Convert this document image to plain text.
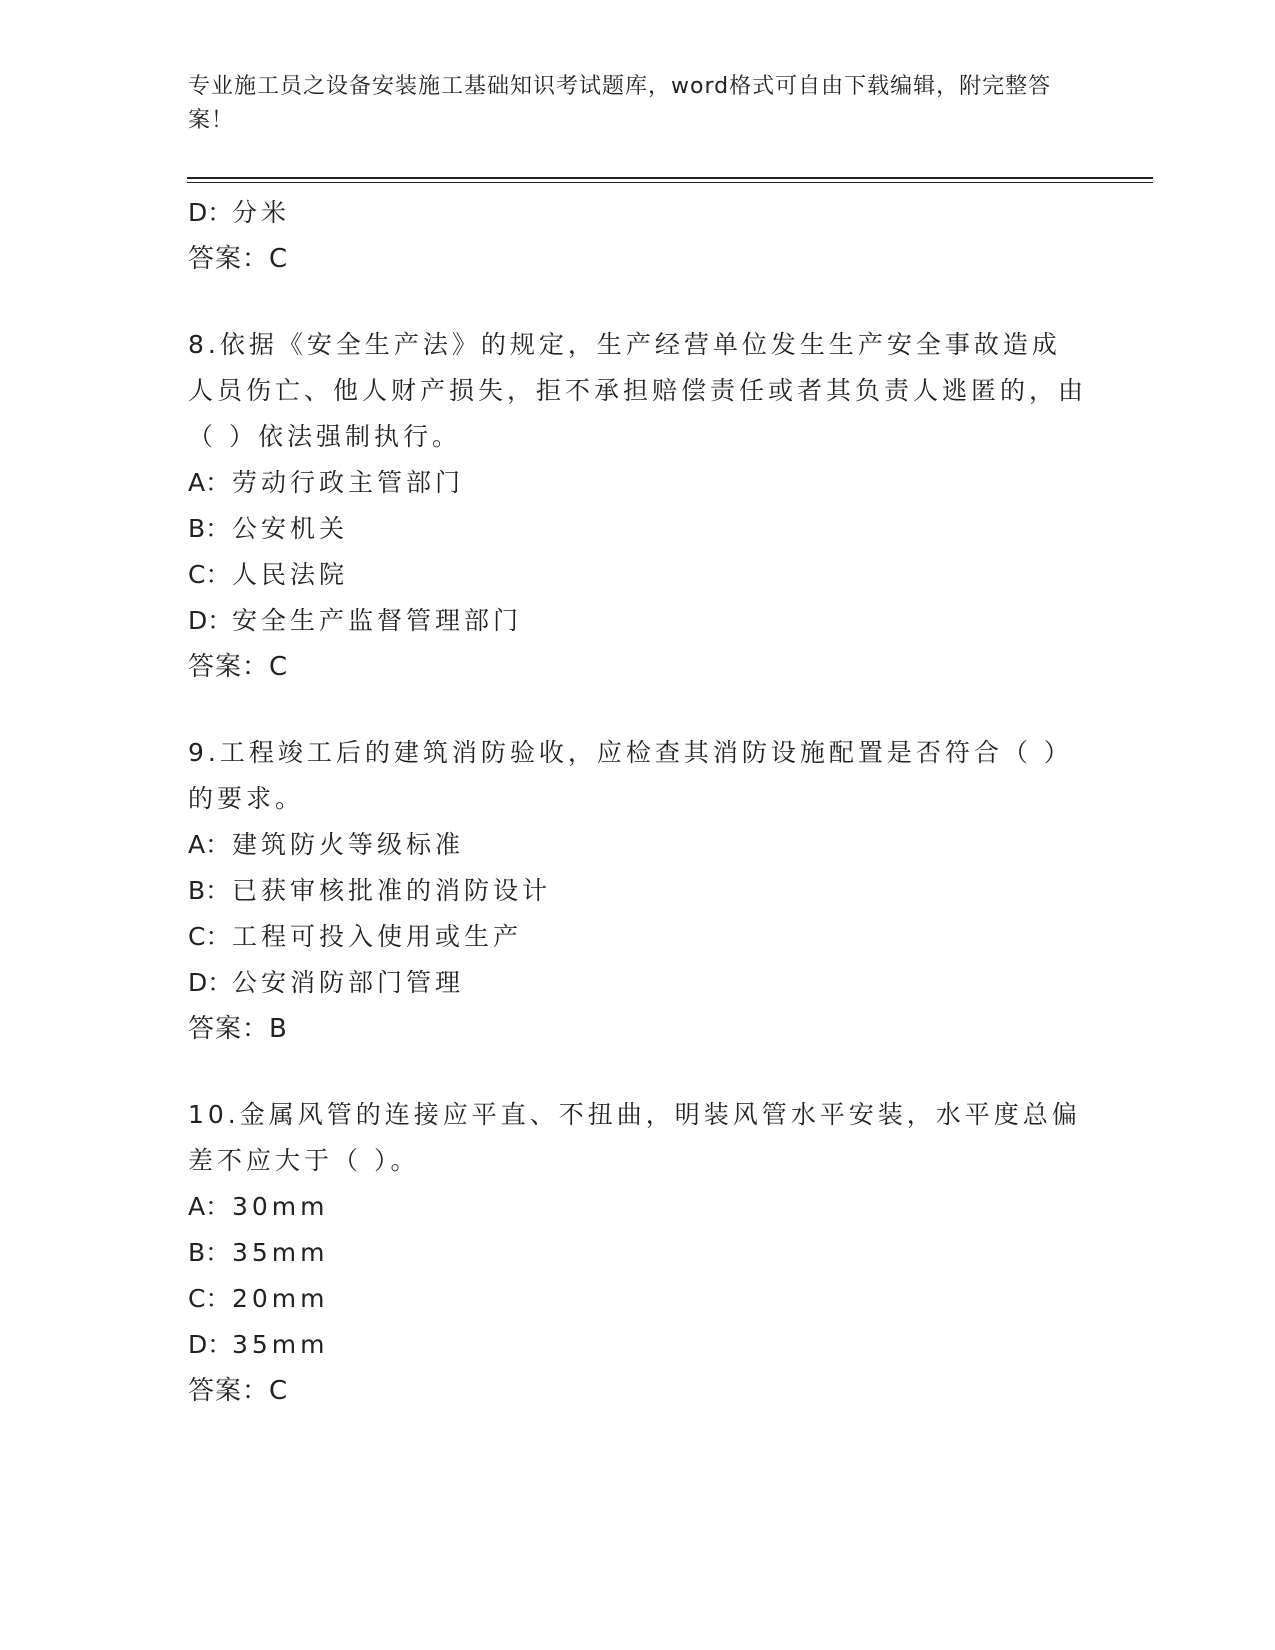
专业施工员之设备安装施工基础知识考试题库，word格式可自由下载编辑，附完整答案！
D：分米
答案：C
8.依据《安全生产法》的规定，生产经营单位发生生产安全事故造成人员伤亡、他人财产损失，拒不承担赔偿责任或者其负责人逃匿的，由（ ）依法强制执行。
A：劳动行政主管部门
B：公安机关
C：人民法院
D：安全生产监督管理部门
答案：C
9.工程竣工后的建筑消防验收，应检查其消防设施配置是否符合（ ）的要求。
A：建筑防火等级标准
B：已获审核批准的消防设计
C：工程可投入使用或生产
D：公安消防部门管理
答案：B
10.金属风管的连接应平直、不扭曲，明装风管水平安装，水平度总偏差不应大于（ ）。
A：30mm
B：35mm
C：20mm
D：35mm
答案：C
